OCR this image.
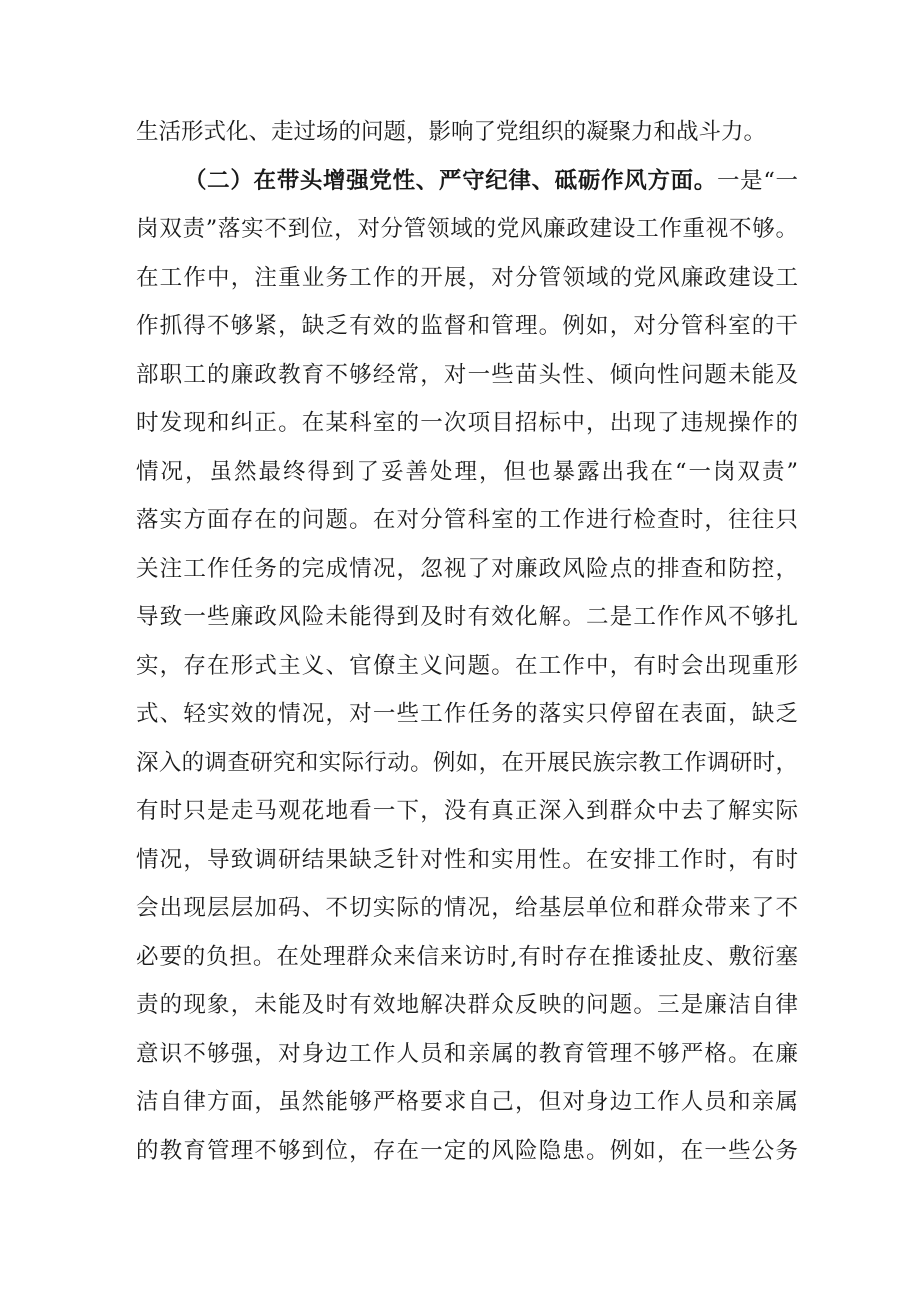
生活形式化、走过场的问题，影响了党组织的凝聚力和战斗力。
（二）在带头增强党性、严守纪律、砥砺作风方面。一是“一
岗双责”落实不到位，对分管领域的党风廉政建设工作重视不够。
在工作中，注重业务工作的开展，对分管领域的党风廉政建设工
作抓得不够紧，缺乏有效的监督和管理。例如，对分管科室的干
部职工的廉政教育不够经常，对一些苗头性、倾向性问题未能及
时发现和纠正。在某科室的一次项目招标中，出现了违规操作的
情况，虽然最终得到了妥善处理，但也暴露出我在“一岗双责”
落实方面存在的问题。在对分管科室的工作进行检查时，往往只
关注工作任务的完成情况，忽视了对廉政风险点的排查和防控，
导致一些廉政风险未能得到及时有效化解。二是工作作风不够扎
实，存在形式主义、官僚主义问题。在工作中，有时会出现重形
式、轻实效的情况，对一些工作任务的落实只停留在表面，缺乏
深入的调查研究和实际行动。例如，在开展民族宗教工作调研时，
有时只是走马观花地看一下，没有真正深入到群众中去了解实际
情况，导致调研结果缺乏针对性和实用性。在安排工作时，有时
会出现层层加码、不切实际的情况，给基层单位和群众带来了不
必要的负担。在处理群众来信来访时,有时存在推诿扯皮、敷衍塞
责的现象，未能及时有效地解决群众反映的问题。三是廉洁自律
意识不够强，对身边工作人员和亲属的教育管理不够严格。在廉
洁自律方面，虽然能够严格要求自己，但对身边工作人员和亲属
的教育管理不够到位，存在一定的风险隐患。例如，在一些公务
